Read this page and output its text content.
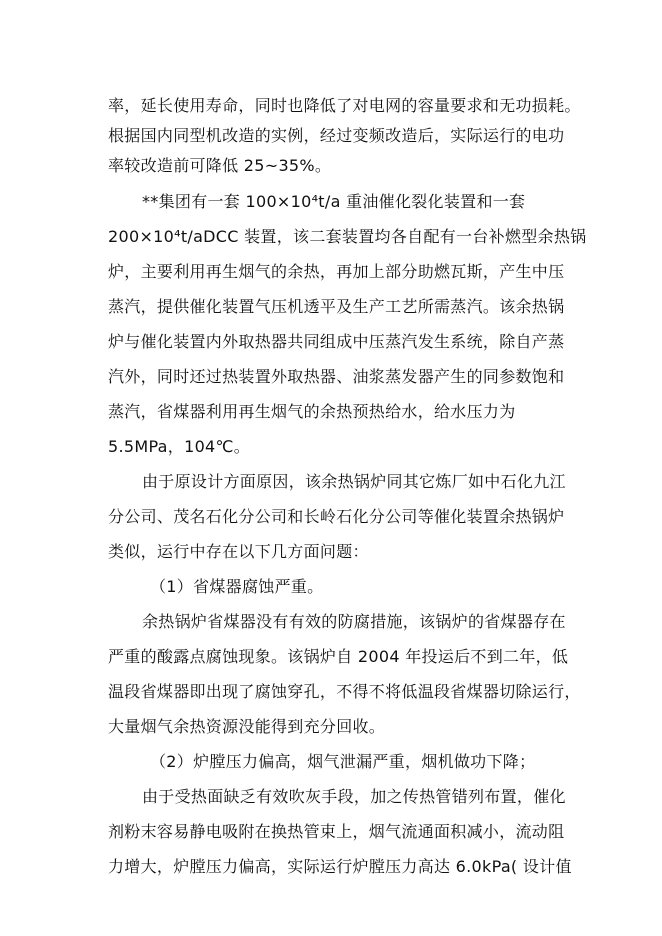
率，延长使用寿命，同时也降低了对电网的容量要求和无功损耗。
根据国内同型机改造的实例，经过变频改造后，实际运行的电功
率较改造前可降低 25~35%。
**集团有一套 100×10⁴t/a 重油催化裂化装置和一套
200×10⁴t/aDCC 装置，该二套装置均各自配有一台补燃型余热锅
炉，主要利用再生烟气的余热，再加上部分助燃瓦斯，产生中压
蒸汽，提供催化装置气压机透平及生产工艺所需蒸汽。该余热锅
炉与催化装置内外取热器共同组成中压蒸汽发生系统，除自产蒸
汽外，同时还过热装置外取热器、油浆蒸发器产生的同参数饱和
蒸汽，省煤器利用再生烟气的余热预热给水，给水压力为
5.5MPa，104℃。
由于原设计方面原因，该余热锅炉同其它炼厂如中石化九江
分公司、茂名石化分公司和长岭石化分公司等催化装置余热锅炉
类似，运行中存在以下几方面问题：
（1）省煤器腐蚀严重。
余热锅炉省煤器没有有效的防腐措施，该锅炉的省煤器存在
严重的酸露点腐蚀现象。该锅炉自 2004 年投运后不到二年，低
温段省煤器即出现了腐蚀穿孔，不得不将低温段省煤器切除运行，
大量烟气余热资源没能得到充分回收。
（2）炉膛压力偏高，烟气泄漏严重，烟机做功下降；
由于受热面缺乏有效吹灰手段，加之传热管错列布置，催化
剂粉末容易静电吸附在换热管束上，烟气流通面积减小，流动阻
力增大，炉膛压力偏高，实际运行炉膛压力高达 6.0kPa( 设计值
